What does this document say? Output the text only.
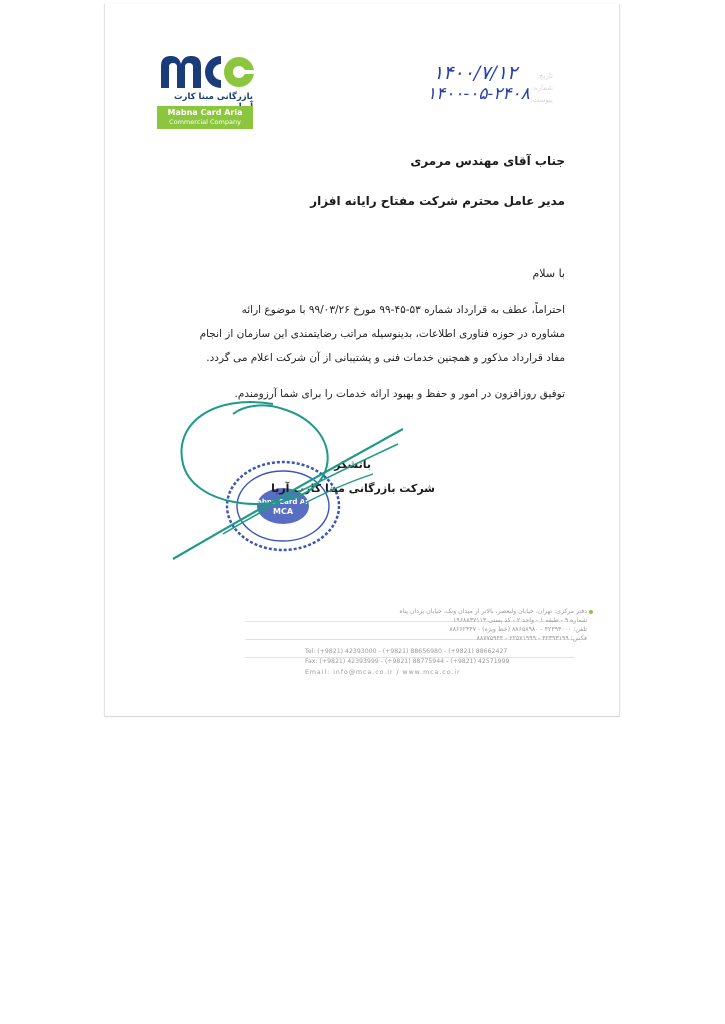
بازرگانی مبنا کارت
Mabna Card Aria
Commercial Company
تاریخ:
شماره:
پیوست:
۱۴۰۰/۷/۱۲
۱۴۰۰-۰۵-۲۴۰۸
جناب آقای مهندس مرمری
مدیر عامل محترم شرکت مفتاح رایانه افزار
با سلام
احتراماً، عطف به قرارداد شماره ۵۳-۴۵-۹۹ مورخ ۹۹/۰۳/۲۶ با موضوع ارائه
مشاوره در حوزه فناوری اطلاعات، بدینوسیله مراتب رضایتمندی این سازمان از انجام
مفاد قرارداد مذکور و همچنین خدمات فنی و پشتیبانی از آن شرکت اعلام می گردد.
توفیق روزافزون در امور و حفظ و بهبود ارائه خدمات را برای شما آرزومندم.
Mabna Card Aria
MCA
باتشکر
شرکت بازرگانی مبنا کارت آریا
دفتر مرکزی: تهران، خیابان ولیعصر، بالاتر از میدان ونک، خیابان یزدان پناه
شماره ۹ - طبقه ۱ - واحد ۲ - کد پستی ۱۹۶۸۸۳۷۱۱۳
تلفن: ۴۲۳۹۳۰۰۰ - ۸۸۶۵۸۹۸۰ (خط ویژه) - ۸۸۶۶۲۳۴۷
فکس: ۴۲۳۹۳۱۹۹ - ۲۲۵۷۱۹۹۹ - ۸۸۷۷۵۹۴۴
Tel: (+9821) 42393000 - (+9821) 88656980 - (+9821) 88662427
Fax: (+9821) 42393999 - (+9821) 88775944 - (+9821) 42571999
Email: info@mca.co.ir / www.mca.co.ir
